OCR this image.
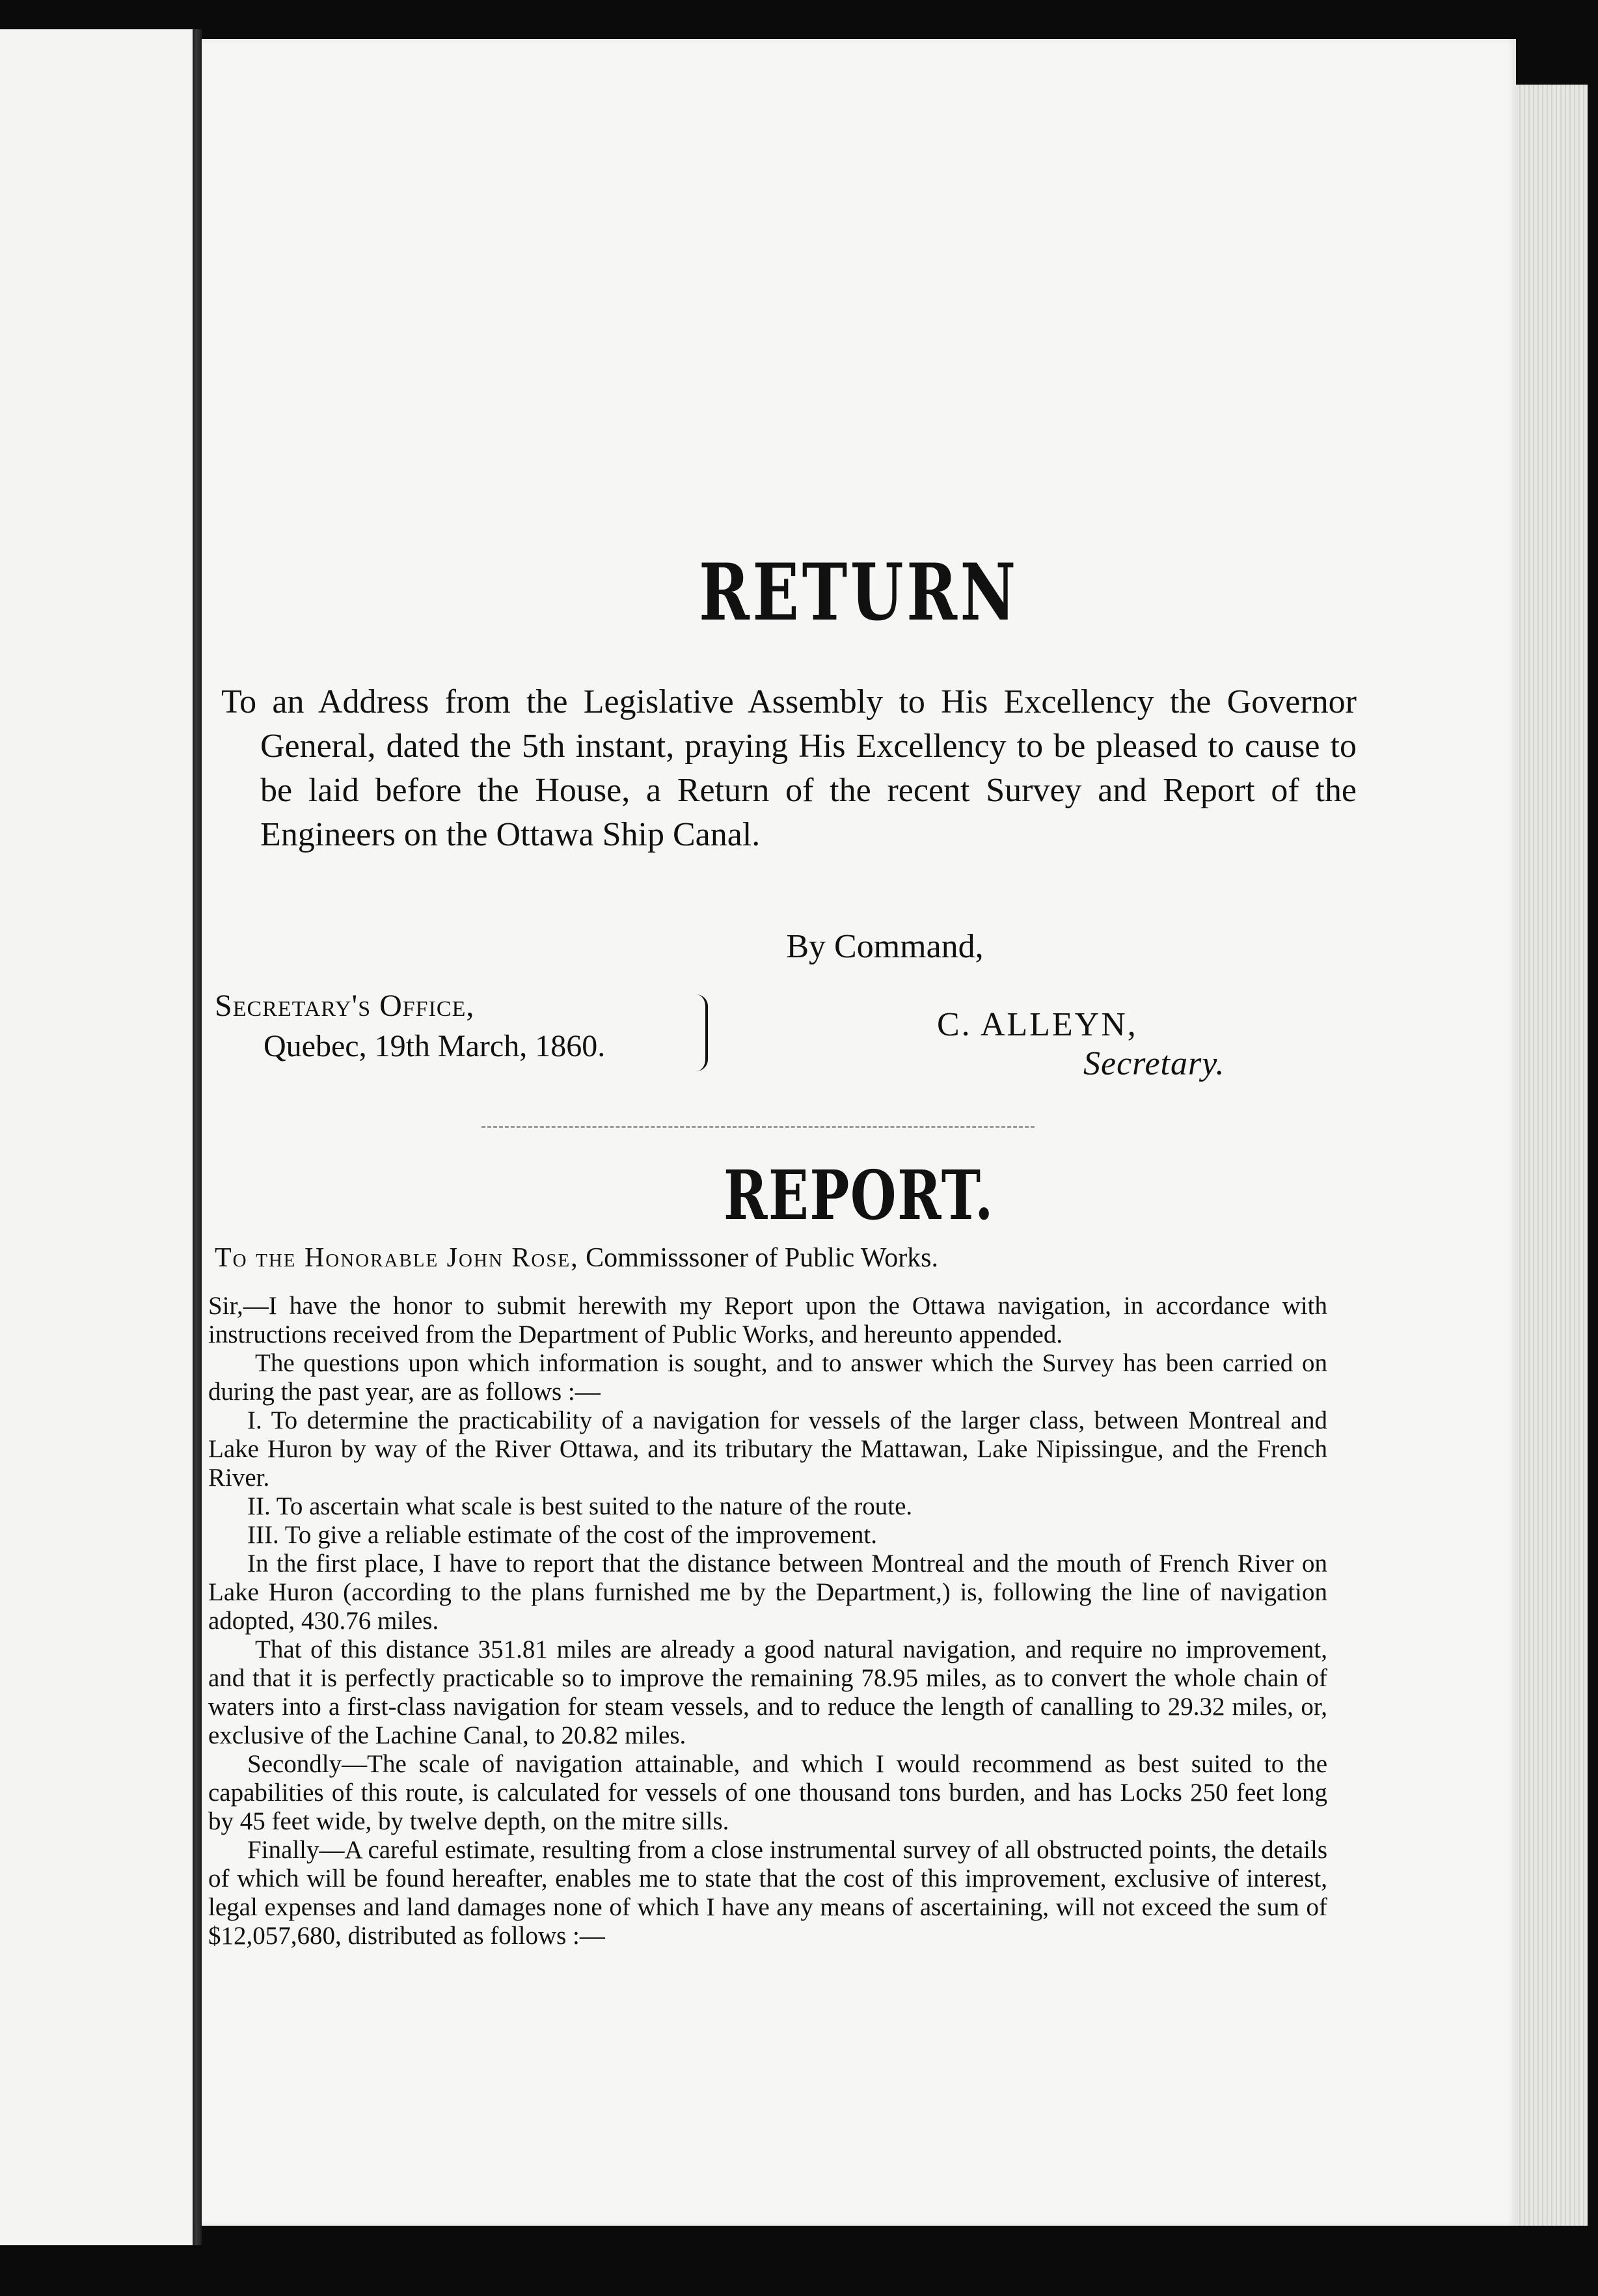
RETURN
To an Address from the Legislative Assembly to His Excellency the Governor General, dated the 5th instant, praying His Excellency to be pleased to cause to be laid before the House, a Return of the recent Survey and Report of the Engineers on the Ottawa Ship Canal.
By Command,
Secretary's Office,
Quebec, 19th March, 1860.
C. ALLEYN,
Secretary.
REPORT.
To the Honorable John Rose, Commisssoner of Public Works.

Sir,—I have the honor to submit herewith my Report upon the Ottawa navigation, in accordance with instructions received from the Department of Public Works, and hereunto appended.

The questions upon which information is sought, and to answer which the Survey has been carried on during the past year, are as follows :—

I. To determine the practicability of a navigation for vessels of the larger class, between Montreal and Lake Huron by way of the River Ottawa, and its tributary the Mattawan, Lake Nipissingue, and the French River.

II. To ascertain what scale is best suited to the nature of the route.

III. To give a reliable estimate of the cost of the improvement.

In the first place, I have to report that the distance between Montreal and the mouth of French River on Lake Huron (according to the plans furnished me by the Department,) is, following the line of navigation adopted, 430.76 miles.

That of this distance 351.81 miles are already a good natural navigation, and require no improvement, and that it is perfectly practicable so to improve the remaining 78.95 miles, as to convert the whole chain of waters into a first-class navigation for steam vessels, and to reduce the length of canalling to 29.32 miles, or, exclusive of the Lachine Canal, to 20.82 miles.

Secondly—The scale of navigation attainable, and which I would recommend as best suited to the capabilities of this route, is calculated for vessels of one thousand tons burden, and has Locks 250 feet long by 45 feet wide, by twelve depth, on the mitre sills.

Finally—A careful estimate, resulting from a close instrumental survey of all obstructed points, the details of which will be found hereafter, enables me to state that the cost of this improvement, exclusive of interest, legal expenses and land damages none of which I have any means of ascertaining, will not exceed the sum of $12,057,680, distributed as follows :—
